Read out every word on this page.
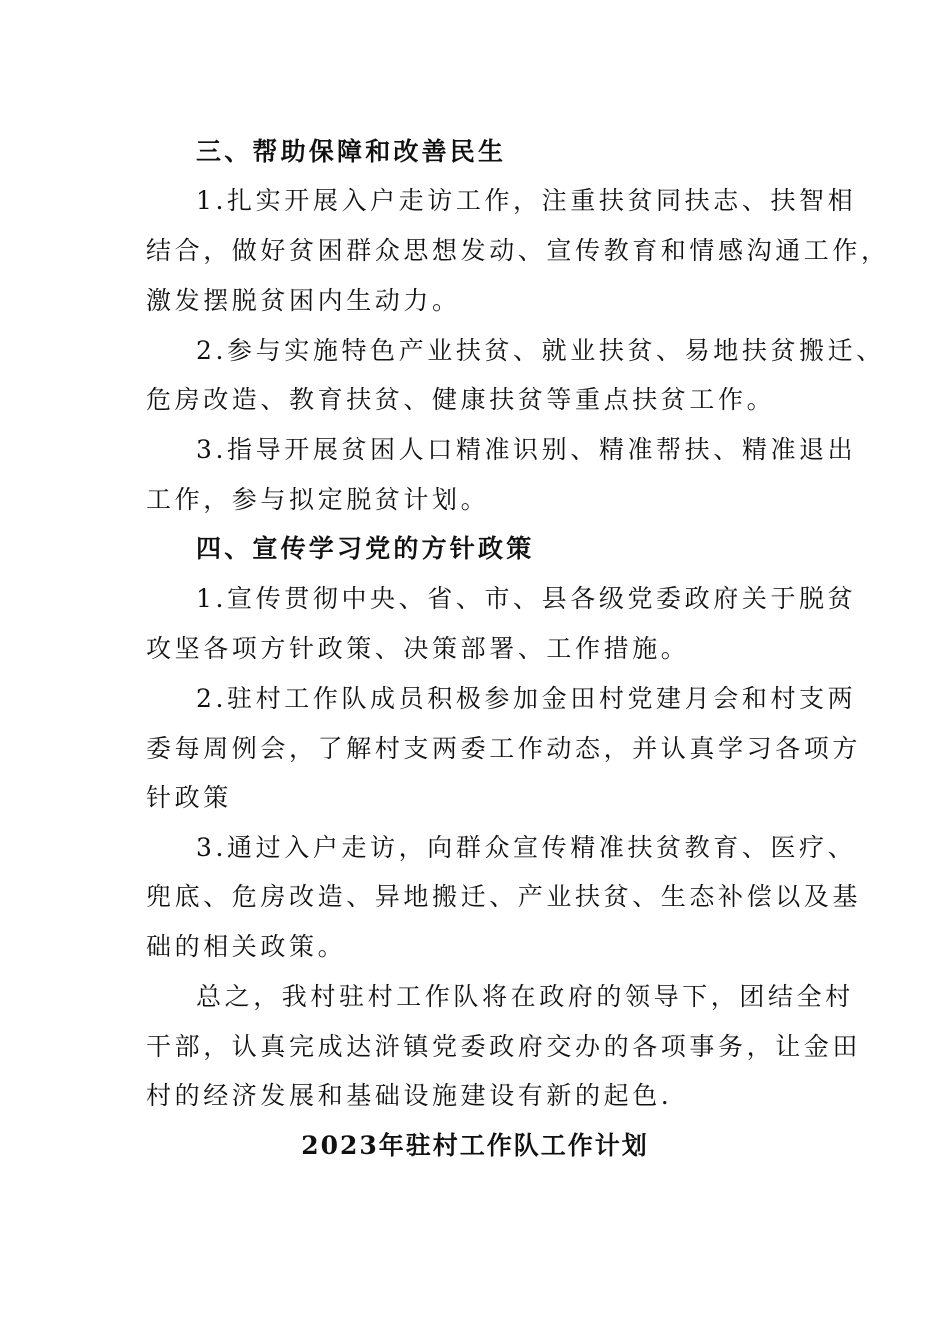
三、帮助保障和改善民生
1.扎实开展入户走访工作，注重扶贫同扶志、扶智相
结合，做好贫困群众思想发动、宣传教育和情感沟通工作，
激发摆脱贫困内生动力。
2.参与实施特色产业扶贫、就业扶贫、易地扶贫搬迁、
危房改造、教育扶贫、健康扶贫等重点扶贫工作。
3.指导开展贫困人口精准识别、精准帮扶、精准退出
工作，参与拟定脱贫计划。
四、宣传学习党的方针政策
1.宣传贯彻中央、省、市、县各级党委政府关于脱贫
攻坚各项方针政策、决策部署、工作措施。
2.驻村工作队成员积极参加金田村党建月会和村支两
委每周例会，了解村支两委工作动态，并认真学习各项方
针政策
3.通过入户走访，向群众宣传精准扶贫教育、医疗、
兜底、危房改造、异地搬迁、产业扶贫、生态补偿以及基
础的相关政策。
总之，我村驻村工作队将在政府的领导下，团结全村
干部，认真完成达浒镇党委政府交办的各项事务，让金田
村的经济发展和基础设施建设有新的起色.
2023年驻村工作队工作计划
